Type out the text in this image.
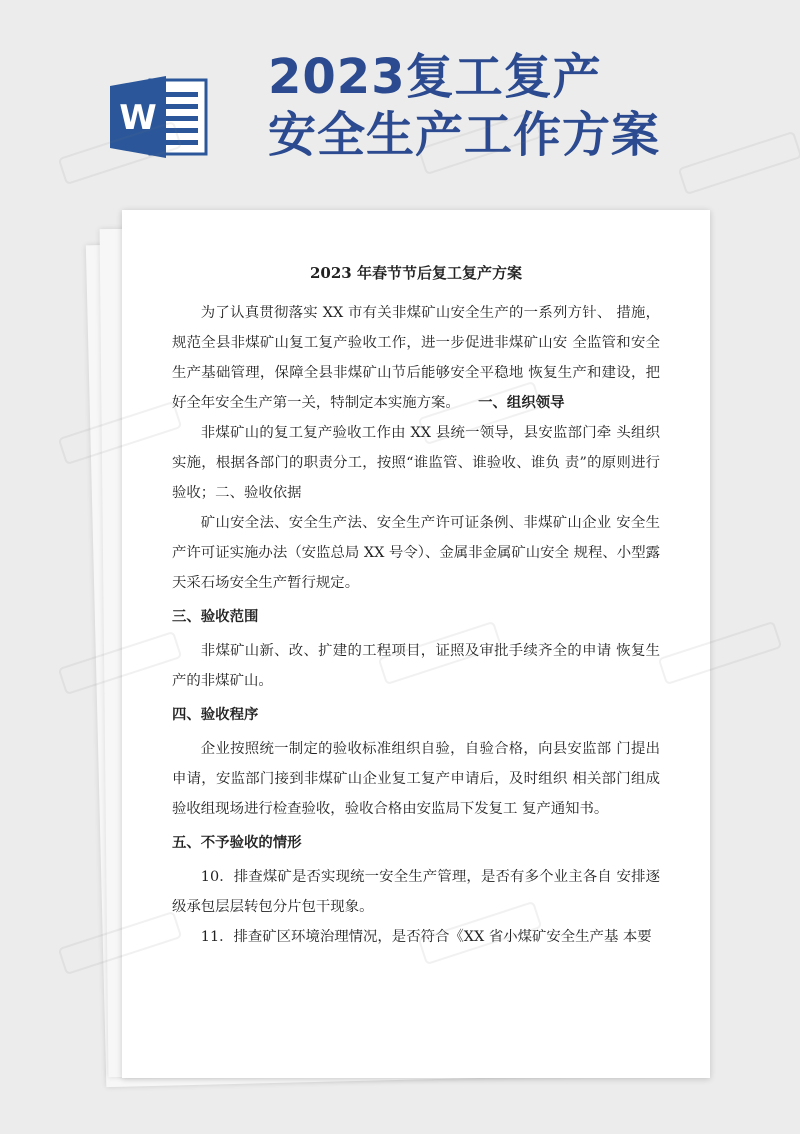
W
2023复工复产
安全生产工作方案

2023 年春节节后复工复产方案

为了认真贯彻落实 XX 市有关非煤矿山安全生产的一系列方针、 措施，规范全县非煤矿山复工复产验收工作，进一步促进非煤矿山安 全监管和安全生产基础管理，保障全县非煤矿山节后能够安全平稳地 恢复生产和建设，把好全年安全生产第一关，特制定本实施方案。 一、组织领导

非煤矿山的复工复产验收工作由 XX 县统一领导，县安监部门牵 头组织实施，根据各部门的职责分工，按照“谁监管、谁验收、谁负 责”的原则进行验收；二、验收依据

矿山安全法、安全生产法、安全生产许可证条例、非煤矿山企业 安全生产许可证实施办法（安监总局 XX 号令）、金属非金属矿山安全 规程、小型露天采石场安全生产暂行规定。

三、验收范围

非煤矿山新、改、扩建的工程项目，证照及审批手续齐全的申请 恢复生产的非煤矿山。

四、验收程序

企业按照统一制定的验收标准组织自验，自验合格，向县安监部 门提出申请，安监部门接到非煤矿山企业复工复产申请后，及时组织 相关部门组成验收组现场进行检查验收，验收合格由安监局下发复工 复产通知书。

五、不予验收的情形

10．排查煤矿是否实现统一安全生产管理，是否有多个业主各自 安排逐级承包层层转包分片包干现象。

11．排查矿区环境治理情况，是否符合《XX 省小煤矿安全生产基 本要
